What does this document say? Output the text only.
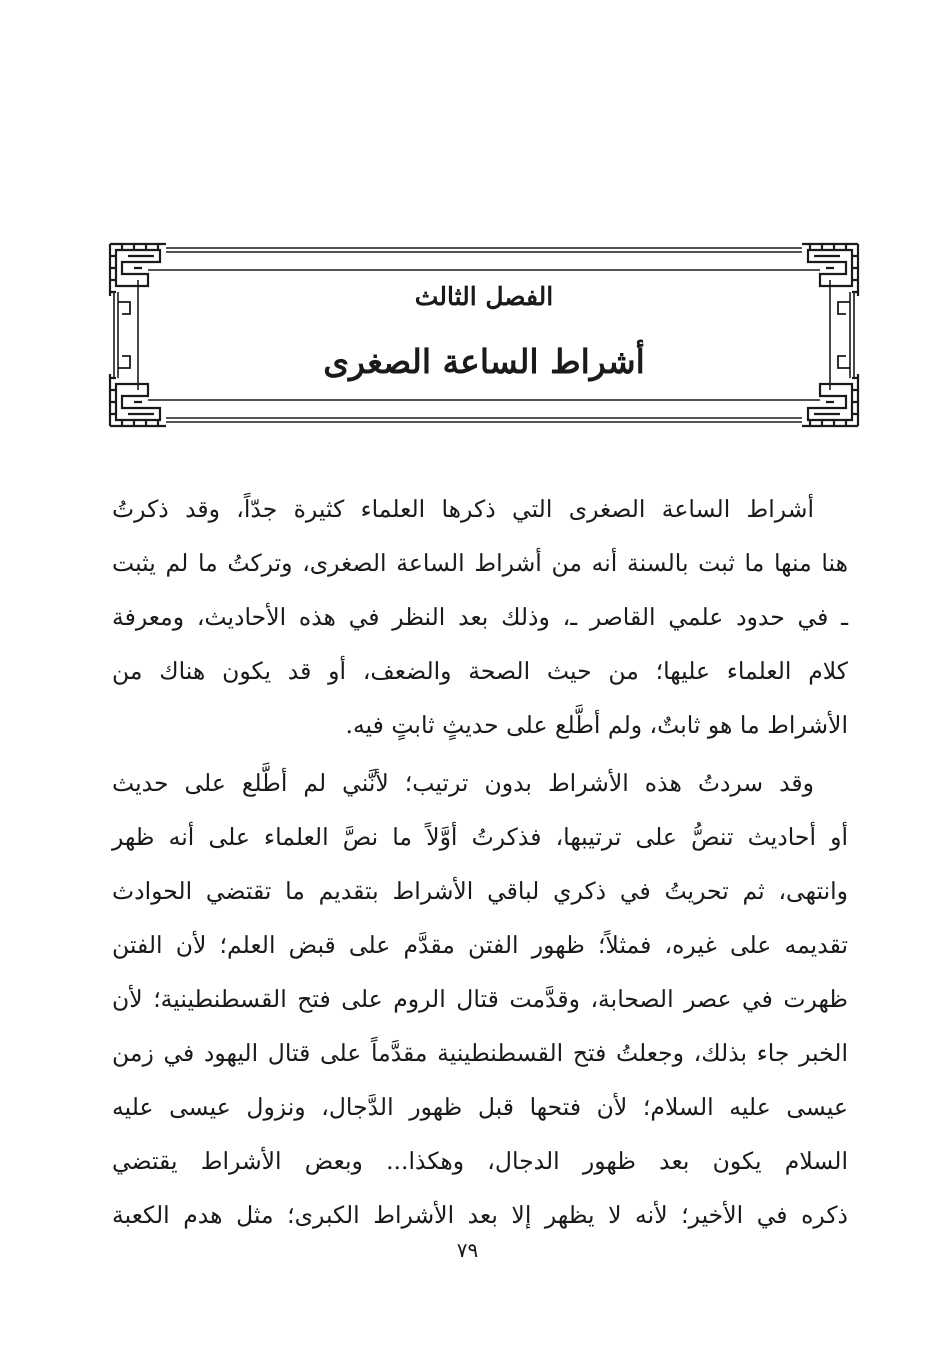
الفصل الثالث
أشراط الساعة الصغرى
أشراط الساعة الصغرى التي ذكرها العلماء كثيرة جدّاً، وقد ذكرتُ
هنا منها ما ثبت بالسنة أنه من أشراط الساعة الصغرى، وتركتُ ما لم يثبت
ـ في حدود علمي القاصر ـ، وذلك بعد النظر في هذه الأحاديث، ومعرفة
كلام العلماء عليها؛ من حيث الصحة والضعف، أو قد يكون هناك من
الأشراط ما هو ثابتٌ، ولم أطَّلع على حديثٍ ثابتٍ فيه.
وقد سردتُ هذه الأشراط بدون ترتيب؛ لأنَّني لم أطَّلع على حديث
أو أحاديث تنصُّ على ترتيبها، فذكرتُ أوَّلاً ما نصَّ العلماء على أنه ظهر
وانتهى، ثم تحريتُ في ذكري لباقي الأشراط بتقديم ما تقتضي الحوادث
تقديمه على غيره، فمثلاً؛ ظهور الفتن مقدَّم على قبض العلم؛ لأن الفتن
ظهرت في عصر الصحابة، وقدَّمت قتال الروم على فتح القسطنطينية؛ لأن
الخبر جاء بذلك، وجعلتُ فتح القسطنطينية مقدَّماً على قتال اليهود في زمن
عيسى عليه السلام؛ لأن فتحها قبل ظهور الدَّجال، ونزول عيسى عليه
السلام يكون بعد ظهور الدجال، وهكذا... وبعض الأشراط يقتضي
ذكره في الأخير؛ لأنه لا يظهر إلا بعد الأشراط الكبرى؛ مثل هدم الكعبة
٧٩
